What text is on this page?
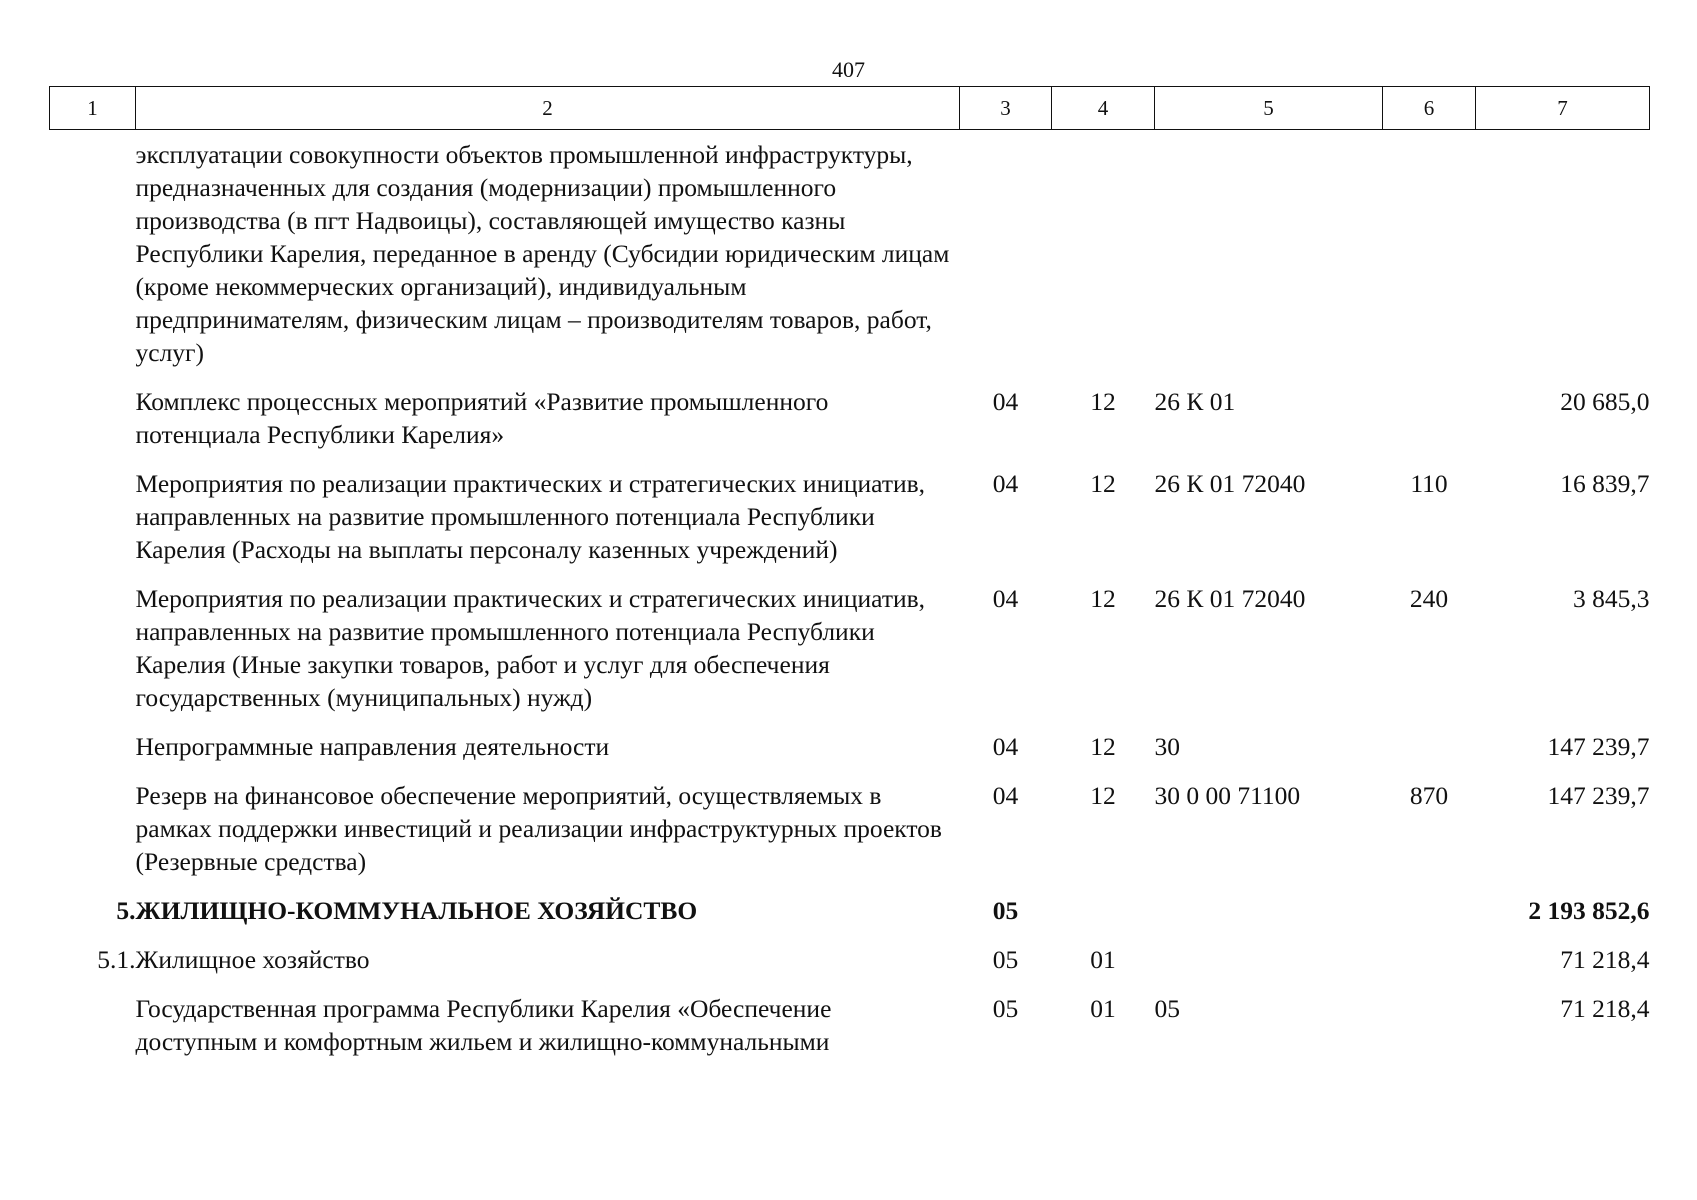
407
1	2	3	4	5	6	7
	эксплуатации совокупности объектов промышленной инфраструктуры, предназначенных для создания (модернизации) промышленного производства (в пгт Надвоицы), составляющей имущество казны Республики Карелия, переданное в аренду (Субсидии юридическим лицам (кроме некоммерческих организаций), индивидуальным предпринимателям, физическим лицам – производителям товаров, работ, услуг)					
	Комплекс процессных мероприятий «Развитие промышленного потенциала Республики Карелия»	04	12	26 К 01		20 685,0
	Мероприятия по реализации практических и стратегических инициатив, направленных на развитие промышленного потенциала Республики Карелия (Расходы на выплаты персоналу казенных учреждений)	04	12	26 К 01 72040	110	16 839,7
	Мероприятия по реализации практических и стратегических инициатив, направленных на развитие промышленного потенциала Республики Карелия (Иные закупки товаров, работ и услуг для обеспечения государственных (муниципальных) нужд)	04	12	26 К 01 72040	240	3 845,3
	Непрограммные направления деятельности	04	12	30		147 239,7
	Резерв на финансовое обеспечение мероприятий, осуществляемых в рамках поддержки инвестиций и реализации инфраструктурных проектов (Резервные средства)	04	12	30 0 00 71100	870	147 239,7
5.	ЖИЛИЩНО-КОММУНАЛЬНОЕ ХОЗЯЙСТВО	05				2 193 852,6
5.1.	Жилищное хозяйство	05	01			71 218,4
	Государственная программа Республики Карелия «Обеспечение доступным и комфортным жильем и жилищно-коммунальными	05	01	05		71 218,4
